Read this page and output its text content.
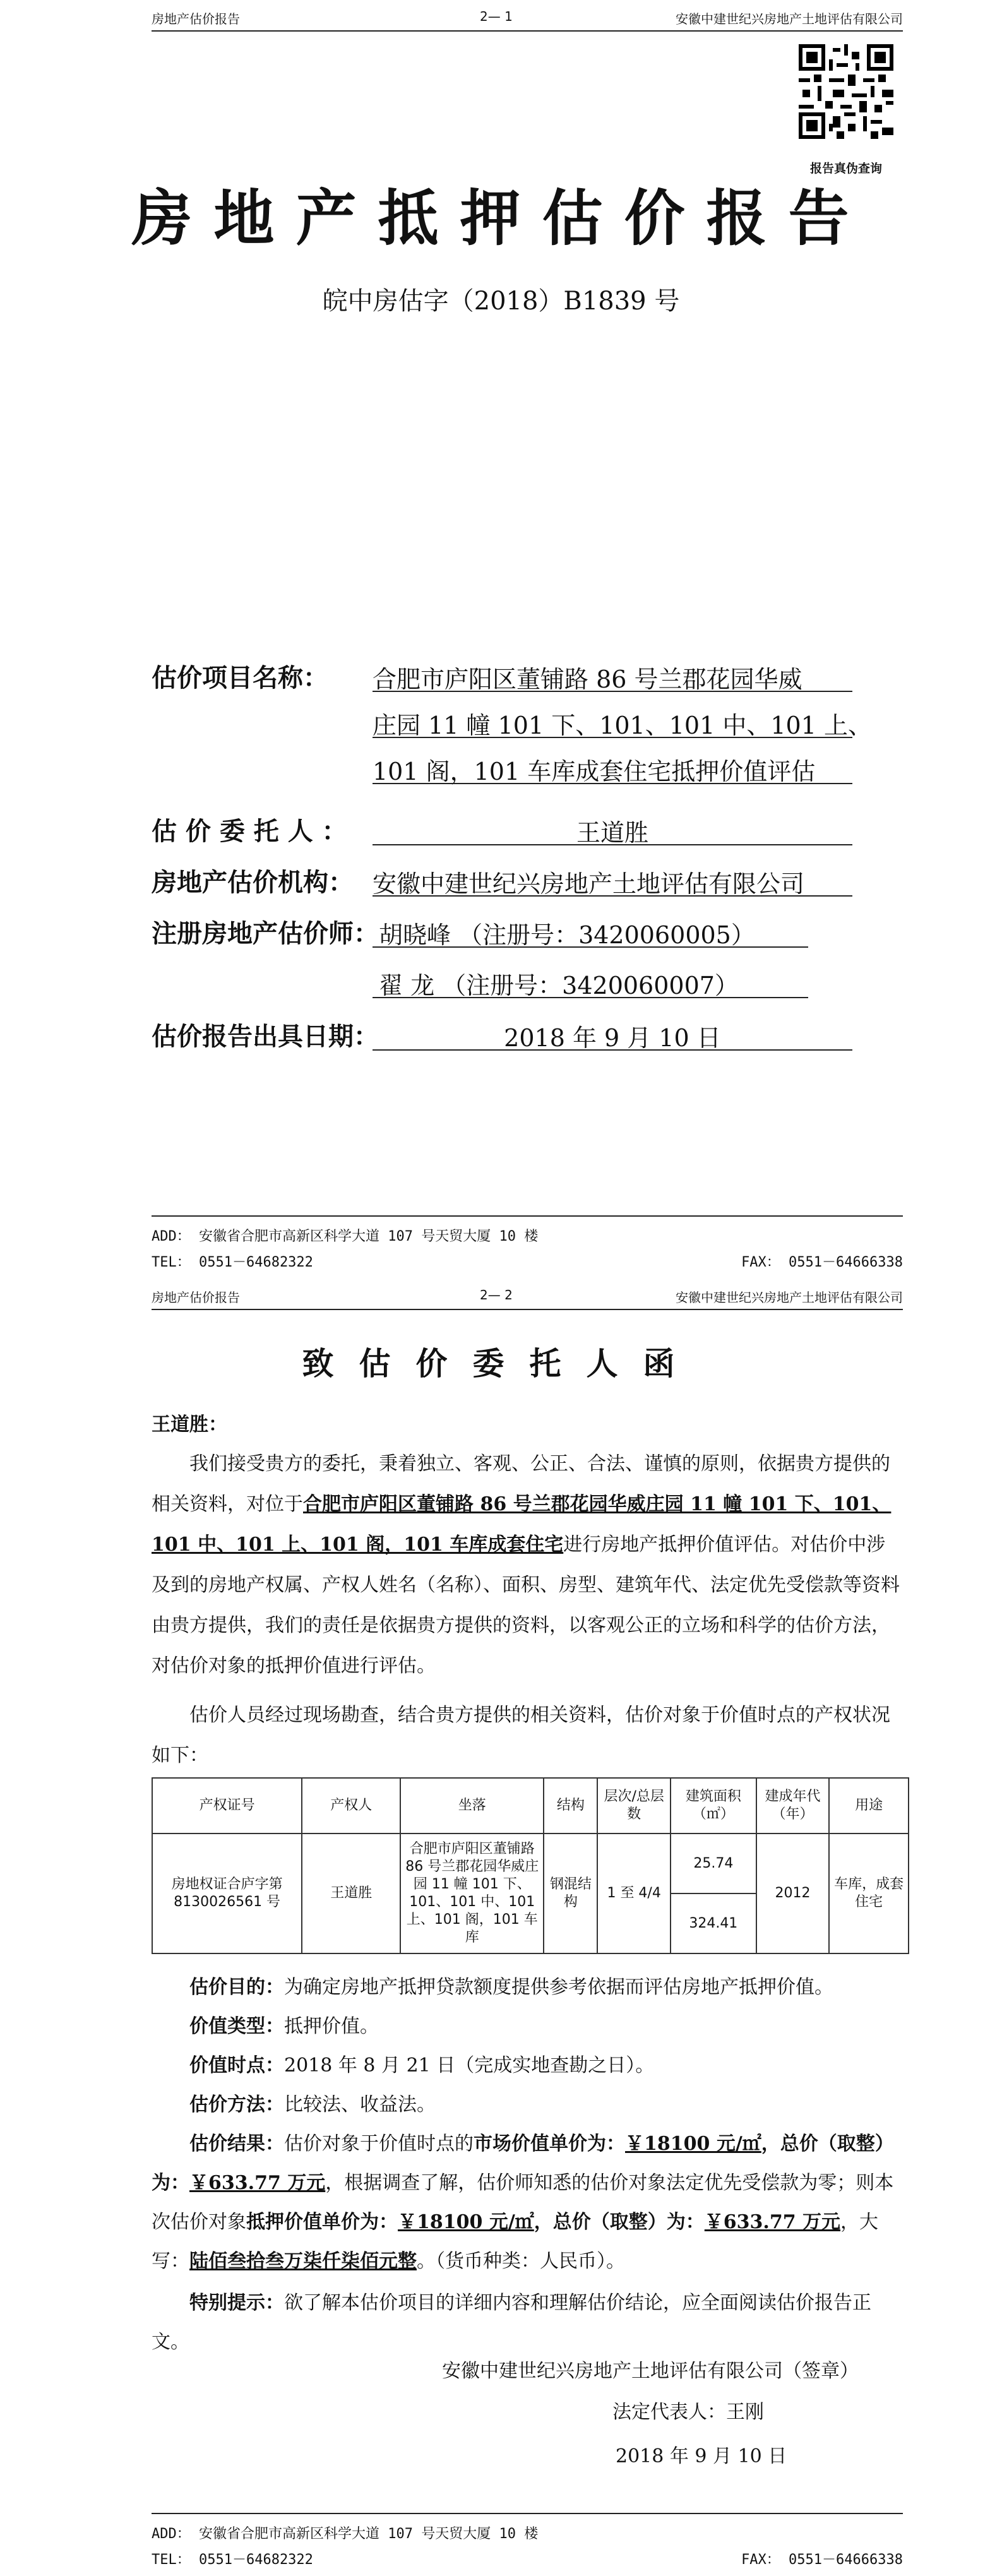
房地产估价报告	2— 1	安徽中建世纪兴房地产土地评估有限公司
报告真伪查询
房地产抵押估价报告
皖中房估字（2018）B1839 号
估价项目名称： 合肥市庐阳区董铺路 86 号兰郡花园华威
庄园 11 幢 101 下、101、101 中、101 上、
101 阁，101 车库成套住宅抵押价值评估
估 价 委 托 人 ：	王道胜
房地产估价机构： 安徽中建世纪兴房地产土地评估有限公司
注册房地产估价师： 胡晓峰 （注册号：3420060005）
翟 龙 （注册号：3420060007）
估价报告出具日期：	2018 年 9 月 10 日
ADD： 安徽省合肥市高新区科学大道 107 号天贸大厦 10 楼
TEL： 0551－64682322	FAX： 0551－64666338
房地产估价报告	2— 2	安徽中建世纪兴房地产土地评估有限公司
致估价委托人函
王道胜：
我们接受贵方的委托，秉着独立、客观、公正、合法、谨慎的原则，依据贵方提供的相关资料，对位于合肥市庐阳区董铺路 86 号兰郡花园华威庄园 11 幢 101 下、101、101 中、101 上、101 阁，101 车库成套住宅进行房地产抵押价值评估。对估价中涉及到的房地产权属、产权人姓名（名称）、面积、房型、建筑年代、法定优先受偿款等资料由贵方提供，我们的责任是依据贵方提供的资料，以客观公正的立场和科学的估价方法，对估价对象的抵押价值进行评估。
估价人员经过现场勘查，结合贵方提供的相关资料，估价对象于价值时点的产权状况如下：
产权证号	产权人	坐落	结构	层次/总层数	建筑面积（㎡）	建成年代（年）	用途
房地权证合庐字第 8130026561 号	王道胜	合肥市庐阳区董铺路 86 号兰郡花园华威庄园 11 幢 101 下、101、101 中、101 上、101 阁，101 车库	钢混结构	1 至 4/4	25.74	2012	车库，成套住宅
					324.41		
估价目的：为确定房地产抵押贷款额度提供参考依据而评估房地产抵押价值。
价值类型：抵押价值。
价值时点：2018 年 8 月 21 日（完成实地查勘之日）。
估价方法：比较法、收益法。
估价结果：估价对象于价值时点的市场价值单价为：￥18100 元/㎡，总价（取整）为：￥633.77 万元，根据调查了解，估价师知悉的估价对象法定优先受偿款为零；则本次估价对象抵押价值单价为：￥18100 元/㎡，总价（取整）为：￥633.77 万元，大写：陆佰叁拾叁万柒仟柒佰元整。（货币种类：人民币）。
特别提示：欲了解本估价项目的详细内容和理解估价结论，应全面阅读估价报告正文。
安徽中建世纪兴房地产土地评估有限公司（签章）
法定代表人：王刚
2018 年 9 月 10 日
ADD： 安徽省合肥市高新区科学大道 107 号天贸大厦 10 楼
TEL： 0551－64682322	FAX： 0551－64666338
